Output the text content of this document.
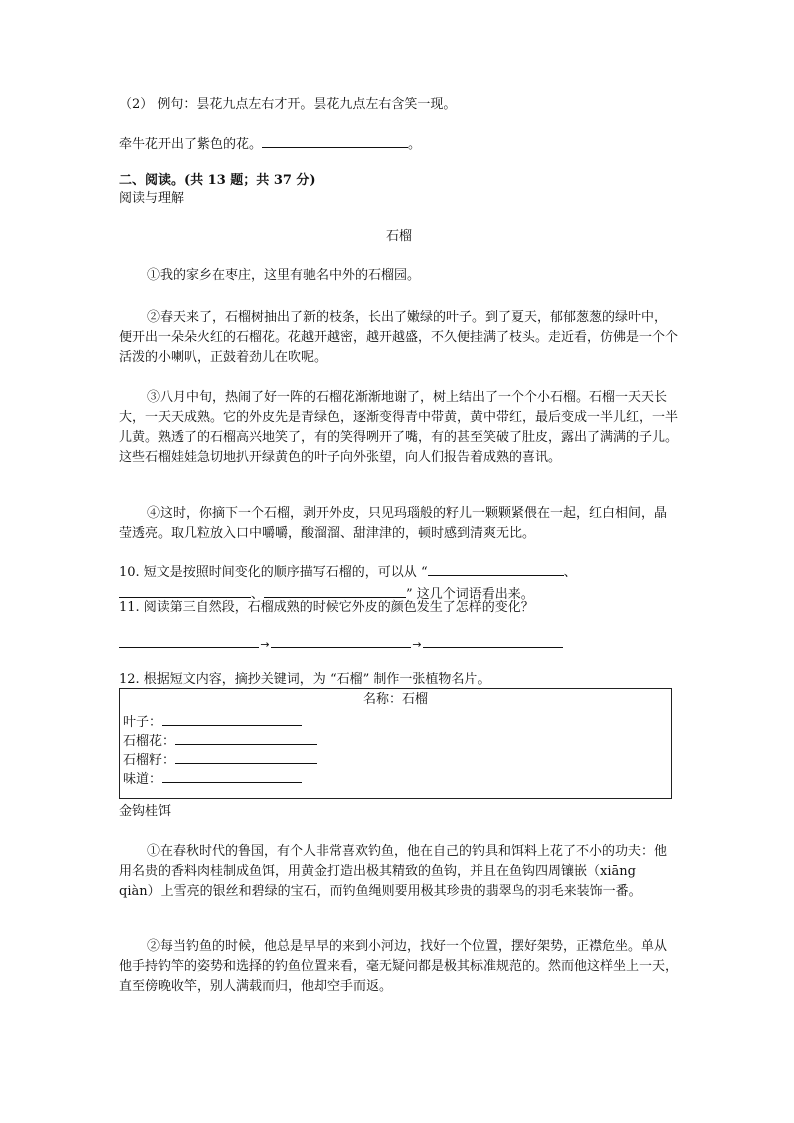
（2） 例句：昙花九点左右才开。昙花九点左右含笑一现。

牵牛花开出了紫色的花。	。

二、阅读。(共 13 题；共 37 分)

阅读与理解

石榴

①我的家乡在枣庄，这里有驰名中外的石榴园。

②春天来了，石榴树抽出了新的枝条，长出了嫩绿的叶子。到了夏天，郁郁葱葱的绿叶中，便开出一朵朵火红的石榴花。花越开越密，越开越盛，不久便挂满了枝头。走近看，仿佛是一个个活泼的小喇叭，正鼓着劲儿在吹呢。

③八月中旬，热闹了好一阵的石榴花渐渐地谢了，树上结出了一个个小石榴。石榴一天天长大，一天天成熟。它的外皮先是青绿色，逐渐变得青中带黄，黄中带红，最后变成一半儿红，一半儿黄。熟透了的石榴高兴地笑了，有的笑得咧开了嘴，有的甚至笑破了肚皮，露出了满满的子儿。这些石榴娃娃急切地扒开绿黄色的叶子向外张望，向人们报告着成熟的喜讯。

④这时，你摘下一个石榴，剥开外皮，只见玛瑙般的籽儿一颗颗紧偎在一起，红白相间，晶莹透亮。取几粒放入口中嚼嚼，酸溜溜、甜津津的，顿时感到清爽无比。

10. 短文是按照时间变化的顺序描写石榴的，可以从 “	、
、	” 这几个词语看出来。

11. 阅读第三自然段，石榴成熟的时候它外皮的颜色发生了怎样的变化？

→	→

12. 根据短文内容，摘抄关键词，为 “石榴” 制作一张植物名片。

名称：石榴
叶子：
石榴花：
石榴籽：
味道：

金钩桂饵

①在春秋时代的鲁国，有个人非常喜欢钓鱼，他在自己的钓具和饵料上花了不小的功夫：他用名贵的香料肉桂制成鱼饵，用黄金打造出极其精致的鱼钩，并且在鱼钩四周镶嵌（xiāng　qiàn）上雪亮的银丝和碧绿的宝石，而钓鱼绳则要用极其珍贵的翡翠鸟的羽毛来装饰一番。

②每当钓鱼的时候，他总是早早的来到小河边，找好一个位置，摆好架势，正襟危坐。单从他手持钓竿的姿势和选择的钓鱼位置来看，毫无疑问都是极其标准规范的。然而他这样坐上一天，直至傍晚收竿，别人满载而归，他却空手而返。
